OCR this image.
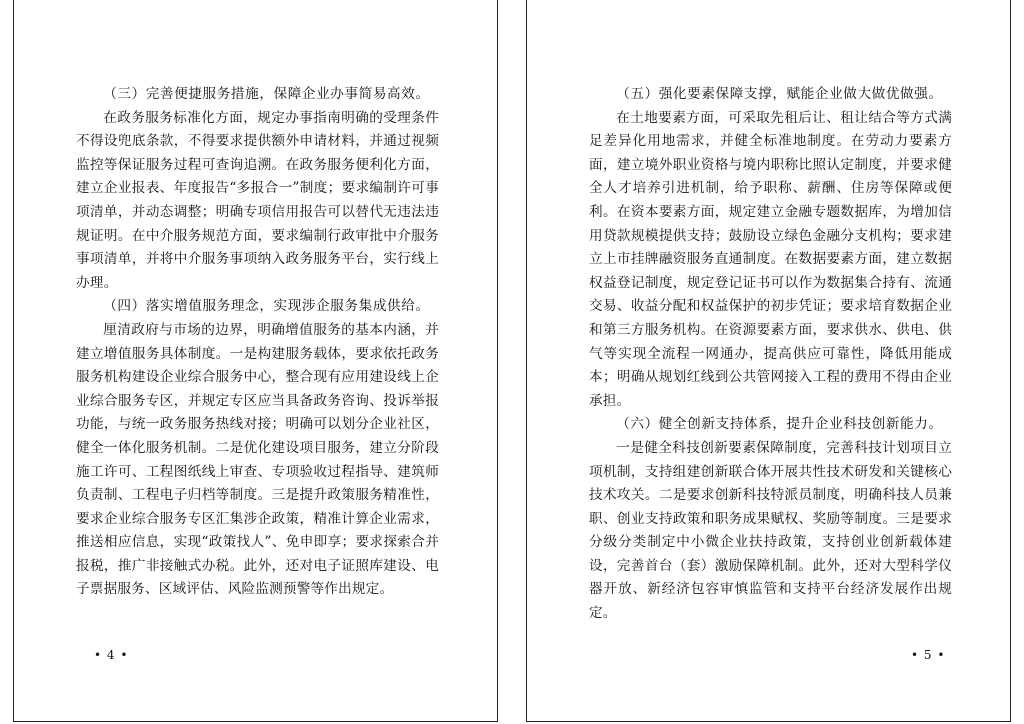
（三）完善便捷服务措施，保障企业办事简易高效。

在政务服务标准化方面，规定办事指南明确的受理条件不得设兜底条款，不得要求提供额外申请材料，并通过视频监控等保证服务过程可查询追溯。在政务服务便利化方面，建立企业报表、年度报告“多报合一”制度；要求编制许可事项清单，并动态调整；明确专项信用报告可以替代无违法违规证明。在中介服务规范方面，要求编制行政审批中介服务事项清单，并将中介服务事项纳入政务服务平台，实行线上办理。

（四）落实增值服务理念，实现涉企服务集成供给。

厘清政府与市场的边界，明确增值服务的基本内涵，并建立增值服务具体制度。一是构建服务载体，要求依托政务服务机构建设企业综合服务中心，整合现有应用建设线上企业综合服务专区，并规定专区应当具备政务咨询、投诉举报功能，与统一政务服务热线对接；明确可以划分企业社区，健全一体化服务机制。二是优化建设项目服务，建立分阶段施工许可、工程图纸线上审查、专项验收过程指导、建筑师负责制、工程电子归档等制度。三是提升政策服务精准性，要求企业综合服务专区汇集涉企政策，精准计算企业需求，推送相应信息，实现“政策找人”、免申即享；要求探索合并报税，推广非接触式办税。此外，还对电子证照库建设、电子票据服务、区域评估、风险监测预警等作出规定。

• 4 •

（五）强化要素保障支撑，赋能企业做大做优做强。

在土地要素方面，可采取先租后让、租让结合等方式满足差异化用地需求，并健全标准地制度。在劳动力要素方面，建立境外职业资格与境内职称比照认定制度，并要求健全人才培养引进机制，给予职称、薪酬、住房等保障或便利。在资本要素方面，规定建立金融专题数据库，为增加信用贷款规模提供支持；鼓励设立绿色金融分支机构；要求建立上市挂牌融资服务直通制度。在数据要素方面，建立数据权益登记制度，规定登记证书可以作为数据集合持有、流通交易、收益分配和权益保护的初步凭证；要求培育数据企业和第三方服务机构。在资源要素方面，要求供水、供电、供气等实现全流程一网通办，提高供应可靠性，降低用能成本；明确从规划红线到公共管网接入工程的费用不得由企业承担。

（六）健全创新支持体系，提升企业科技创新能力。

一是健全科技创新要素保障制度，完善科技计划项目立项机制，支持组建创新联合体开展共性技术研发和关键核心技术攻关。二是要求创新科技特派员制度，明确科技人员兼职、创业支持政策和职务成果赋权、奖励等制度。三是要求分级分类制定中小微企业扶持政策，支持创业创新载体建设，完善首台（套）激励保障机制。此外，还对大型科学仪器开放、新经济包容审慎监管和支持平台经济发展作出规定。

• 5 •
